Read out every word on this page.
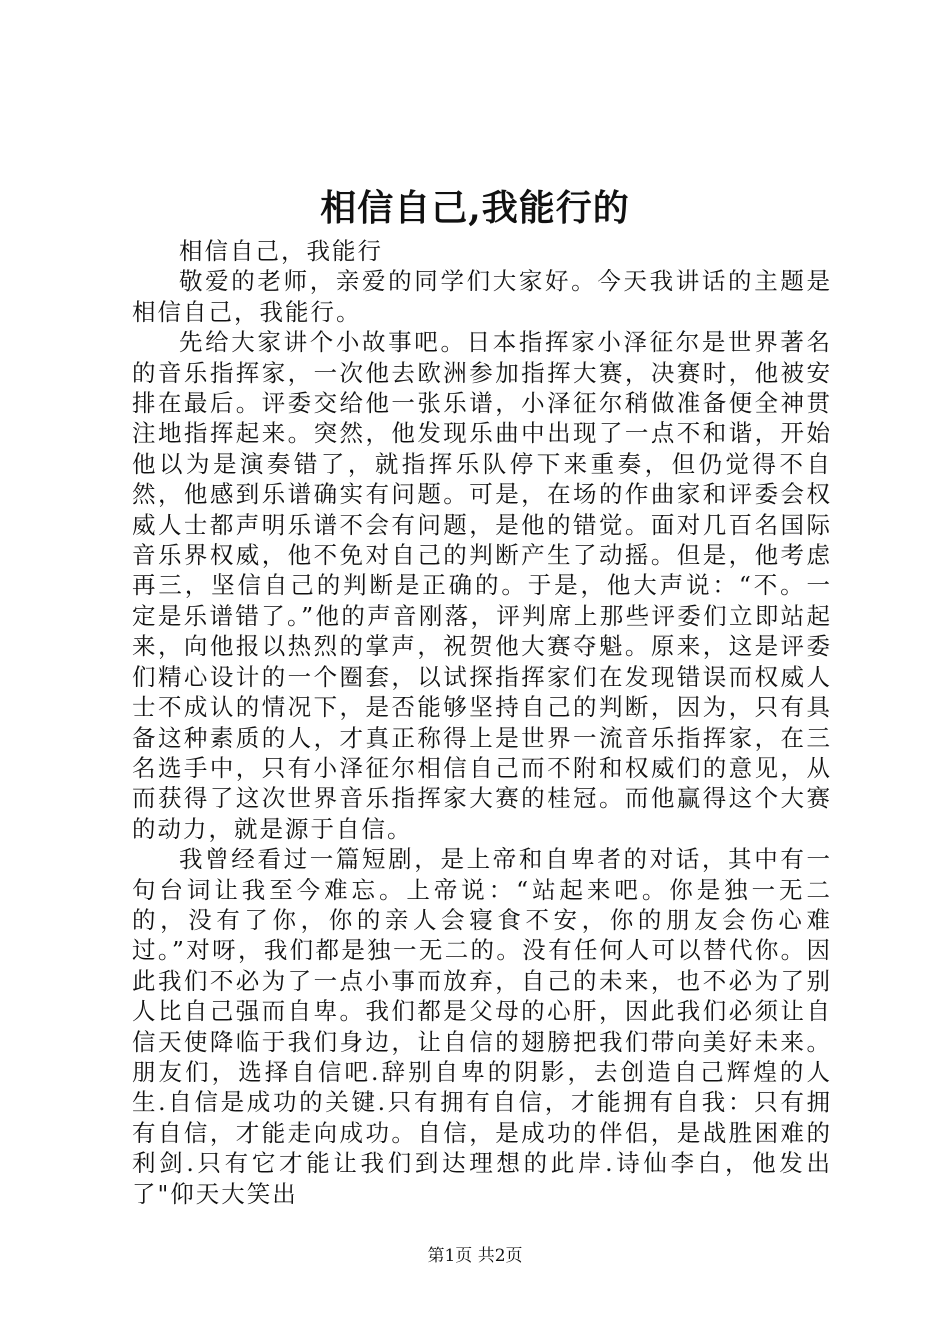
相信自己,我能行的

相信自己，我能行

敬爱的老师，亲爱的同学们大家好。今天我讲话的主题是相信自己，我能行。

先给大家讲个小故事吧。日本指挥家小泽征尔是世界著名的音乐指挥家，一次他去欧洲参加指挥大赛，决赛时，他被安排在最后。评委交给他一张乐谱，小泽征尔稍做准备便全神贯注地指挥起来。突然，他发现乐曲中出现了一点不和谐，开始他以为是演奏错了，就指挥乐队停下来重奏，但仍觉得不自然，他感到乐谱确实有问题。可是，在场的作曲家和评委会权威人士都声明乐谱不会有问题，是他的错觉。面对几百名国际音乐界权威，他不免对自己的判断产生了动摇。但是，他考虑再三，坚信自己的判断是正确的。于是，他大声说：“不。一定是乐谱错了。”他的声音刚落，评判席上那些评委们立即站起来，向他报以热烈的掌声，祝贺他大赛夺魁。原来，这是评委们精心设计的一个圈套，以试探指挥家们在发现错误而权威人士不成认的情况下，是否能够坚持自己的判断，因为，只有具备这种素质的人，才真正称得上是世界一流音乐指挥家，在三名选手中，只有小泽征尔相信自己而不附和权威们的意见，从而获得了这次世界音乐指挥家大赛的桂冠。而他赢得这个大赛的动力，就是源于自信。

我曾经看过一篇短剧，是上帝和自卑者的对话，其中有一句台词让我至今难忘。上帝说：“站起来吧。你是独一无二的，没有了你，你的亲人会寝食不安，你的朋友会伤心难过。”对呀，我们都是独一无二的。没有任何人可以替代你。因此我们不必为了一点小事而放弃，自己的未来，也不必为了别人比自己强而自卑。我们都是父母的心肝，因此我们必须让自信天使降临于我们身边，让自信的翅膀把我们带向美好未来。朋友们，选择自信吧.辞别自卑的阴影，去创造自己辉煌的人生.自信是成功的关键.只有拥有自信，才能拥有自我：只有拥有自信，才能走向成功。自信，是成功的伴侣，是战胜困难的利剑.只有它才能让我们到达理想的此岸.诗仙李白，他发出了"仰天大笑出

第1页 共2页
